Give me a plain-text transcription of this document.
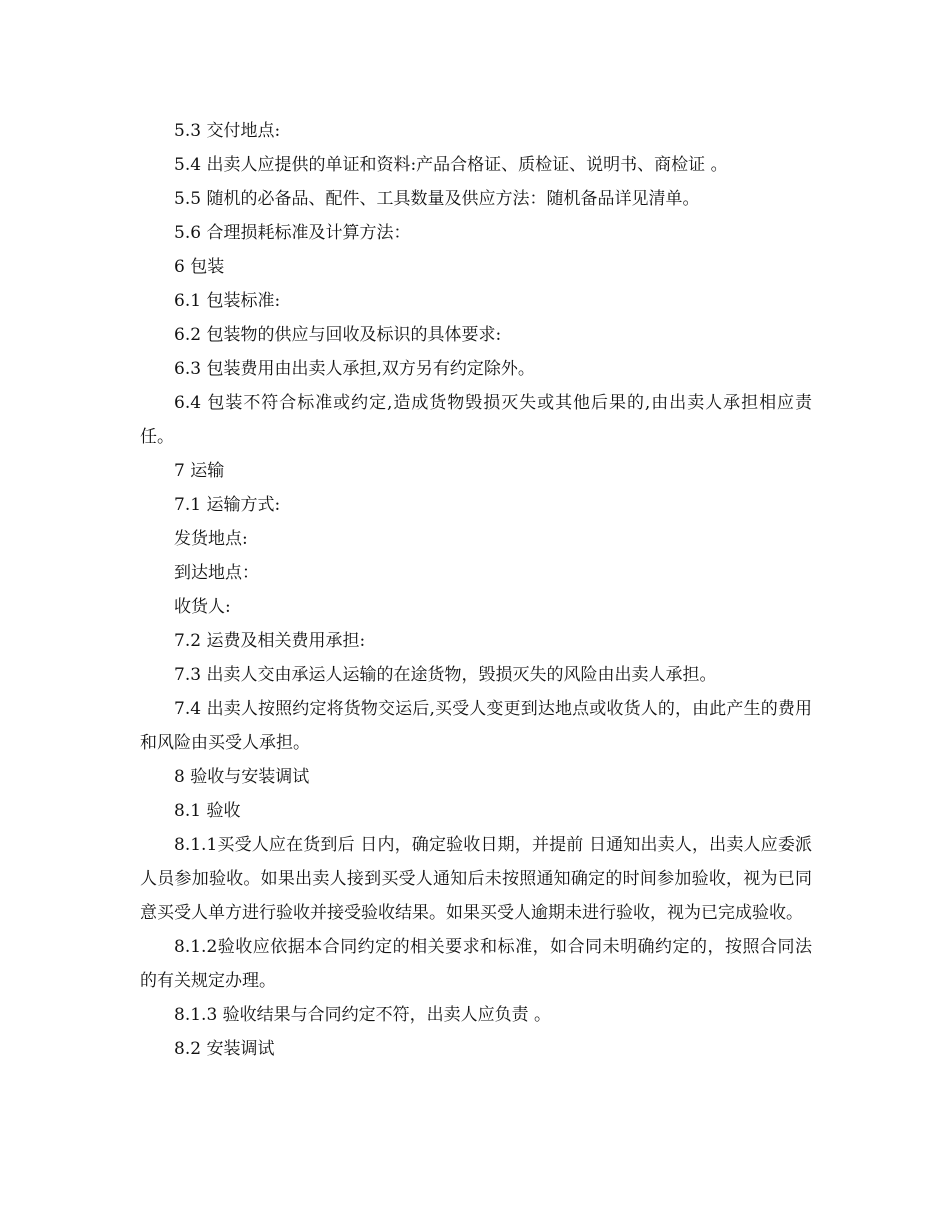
5.3 交付地点:

5.4 出卖人应提供的单证和资料:产品合格证、质检证、说明书、商检证 。

5.5 随机的必备品、配件、工具数量及供应方法：随机备品详见清单。

5.6 合理损耗标准及计算方法：

6 包装

6.1 包装标准:

6.2 包装物的供应与回收及标识的具体要求:

6.3 包装费用由出卖人承担,双方另有约定除外。

6.4 包装不符合标准或约定,造成货物毁损灭失或其他后果的,由出卖人承担相应责任。

7 运输

7.1 运输方式:

发货地点:

到达地点：

收货人:

7.2 运费及相关费用承担:

7.3 出卖人交由承运人运输的在途货物，毁损灭失的风险由出卖人承担。

7.4 出卖人按照约定将货物交运后,买受人变更到达地点或收货人的，由此产生的费用和风险由买受人承担。

8 验收与安装调试

8.1 验收

8.1.1买受人应在货到后 日内，确定验收日期，并提前 日通知出卖人，出卖人应委派人员参加验收。如果出卖人接到买受人通知后未按照通知确定的时间参加验收，视为已同意买受人单方进行验收并接受验收结果。如果买受人逾期未进行验收，视为已完成验收。

8.1.2验收应依据本合同约定的相关要求和标准，如合同未明确约定的，按照合同法的有关规定办理。

8.1.3 验收结果与合同约定不符，出卖人应负责 。

8.2 安装调试
